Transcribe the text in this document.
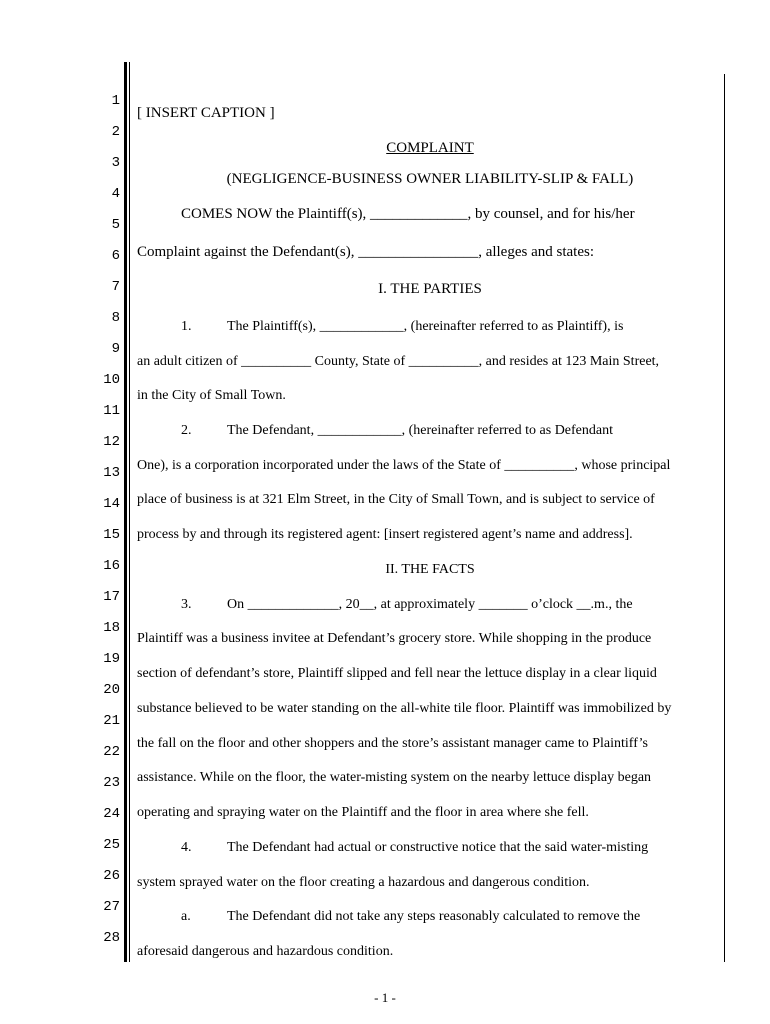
1
2
3
4
5
6
7
8
9
10
11
12
13
14
15
16
17
18
19
20
21
22
23
24
25
26
27
28
[ INSERT CAPTION ]
COMPLAINT
(NEGLIGENCE-BUSINESS OWNER LIABILITY-SLIP & FALL)
COMES NOW the Plaintiff(s), _____________, by counsel, and for his/her
Complaint against the Defendant(s), ________________, alleges and states:
I. THE PARTIES
1.	The Plaintiff(s), ____________, (hereinafter referred to as Plaintiff), is
an adult citizen of __________ County, State of __________, and resides at 123 Main Street,
in the City of Small Town.
2.	The Defendant, ____________, (hereinafter referred to as Defendant
One), is a corporation incorporated under the laws of the State of __________, whose principal
place of business is at 321 Elm Street, in the City of Small Town, and is subject to service of
process by and through its registered agent: [insert registered agent’s name and address].
II. THE FACTS
3.	On _____________, 20__, at approximately _______ o’clock __.m., the
Plaintiff was a business invitee at Defendant’s grocery store. While shopping in the produce
section of defendant’s store, Plaintiff slipped and fell near the lettuce display in a clear liquid
substance believed to be water standing on the all-white tile floor. Plaintiff was immobilized by
the fall on the floor and other shoppers and the store’s assistant manager came to Plaintiff’s
assistance. While on the floor, the water-misting system on the nearby lettuce display began
operating and spraying water on the Plaintiff and the floor in area where she fell.
4.	The Defendant had actual or constructive notice that the said water-misting
system sprayed water on the floor creating a hazardous and dangerous condition.
a.	The Defendant did not take any steps reasonably calculated to remove the
aforesaid dangerous and hazardous condition.
- 1 -
